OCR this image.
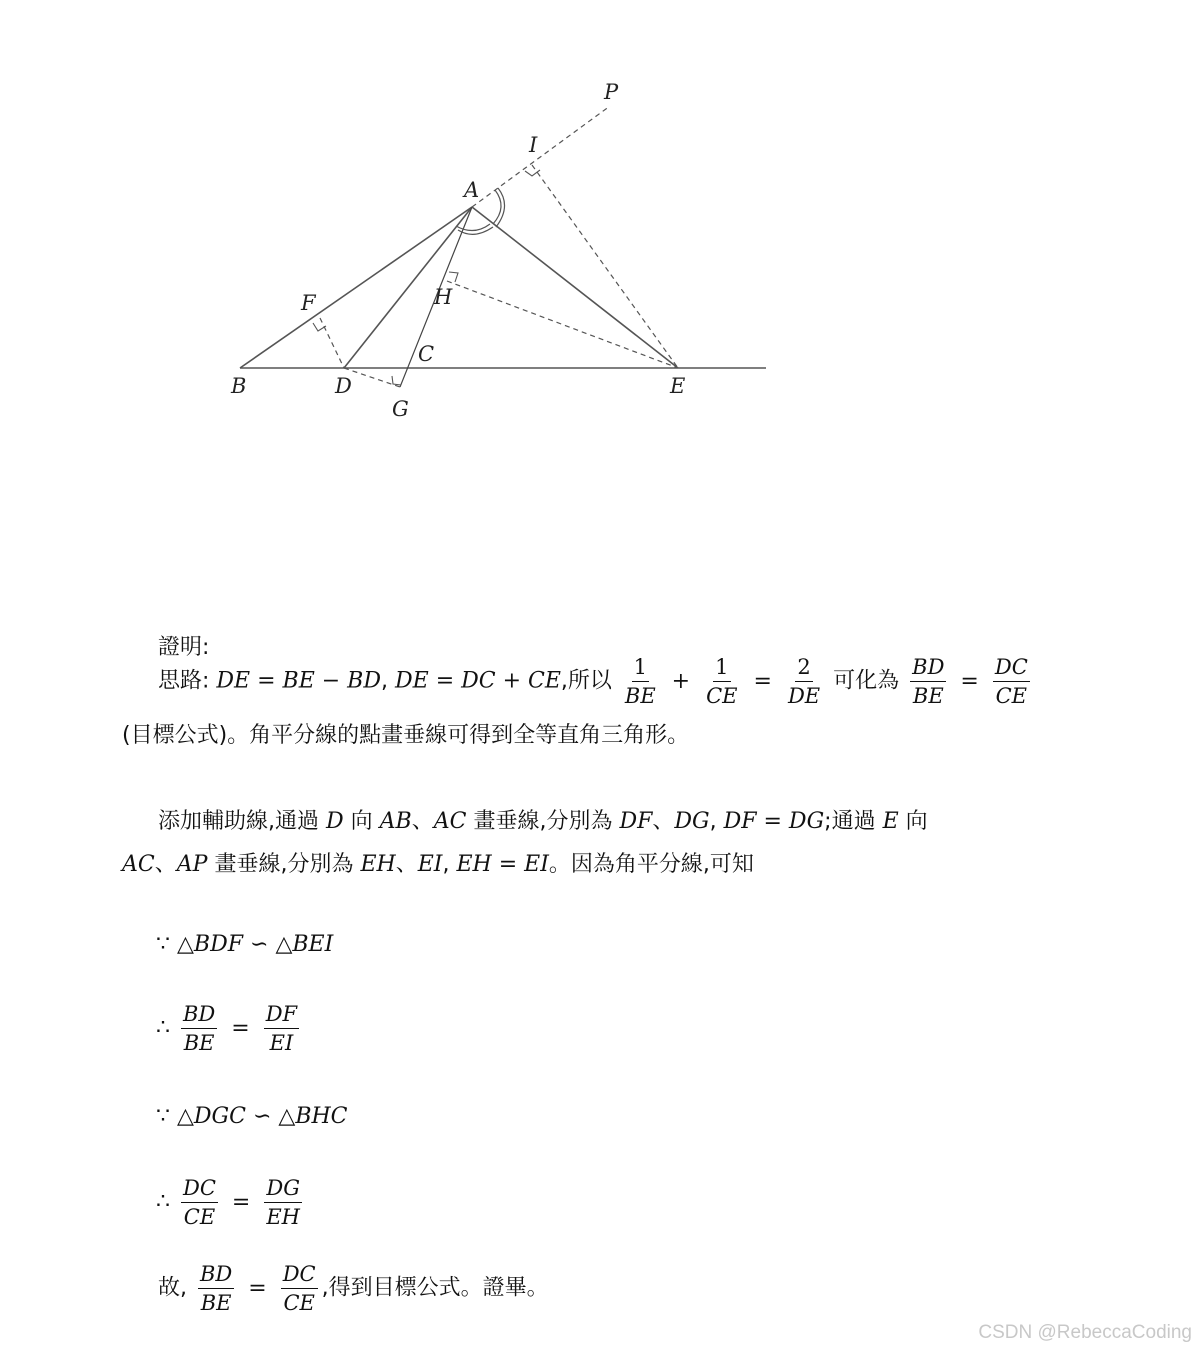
A
B
C
D	E
F
G
H
I
P
證明:
思路: DE = BE − BD, DE = DC + CE,所以 $\frac{1}{BE} + \frac{1}{CE} = \frac{2}{DE}$ 可化為 $\frac{BD}{BE} = \frac{DC}{CE}$
(目標公式)。角平分線的點畫垂線可得到全等直角三角形。
添加輔助線,通過 D 向 AB、AC 畫垂線,分別為 DF、DG, DF = DG;通過 E 向
AC、AP 畫垂線,分別為 EH、EI, EH = EI。因為角平分線,可知
∵ △BDF ∽ △BEI
∴ $\frac{BD}{BE} = \frac{DF}{EI}$
∵ △DGC ∽ △BHC
∴ $\frac{DC}{CE} = \frac{DG}{EH}$
故, $\frac{BD}{BE} = \frac{DC}{CE}$ ,得到目標公式。證畢。
CSDN @RebeccaCoding
